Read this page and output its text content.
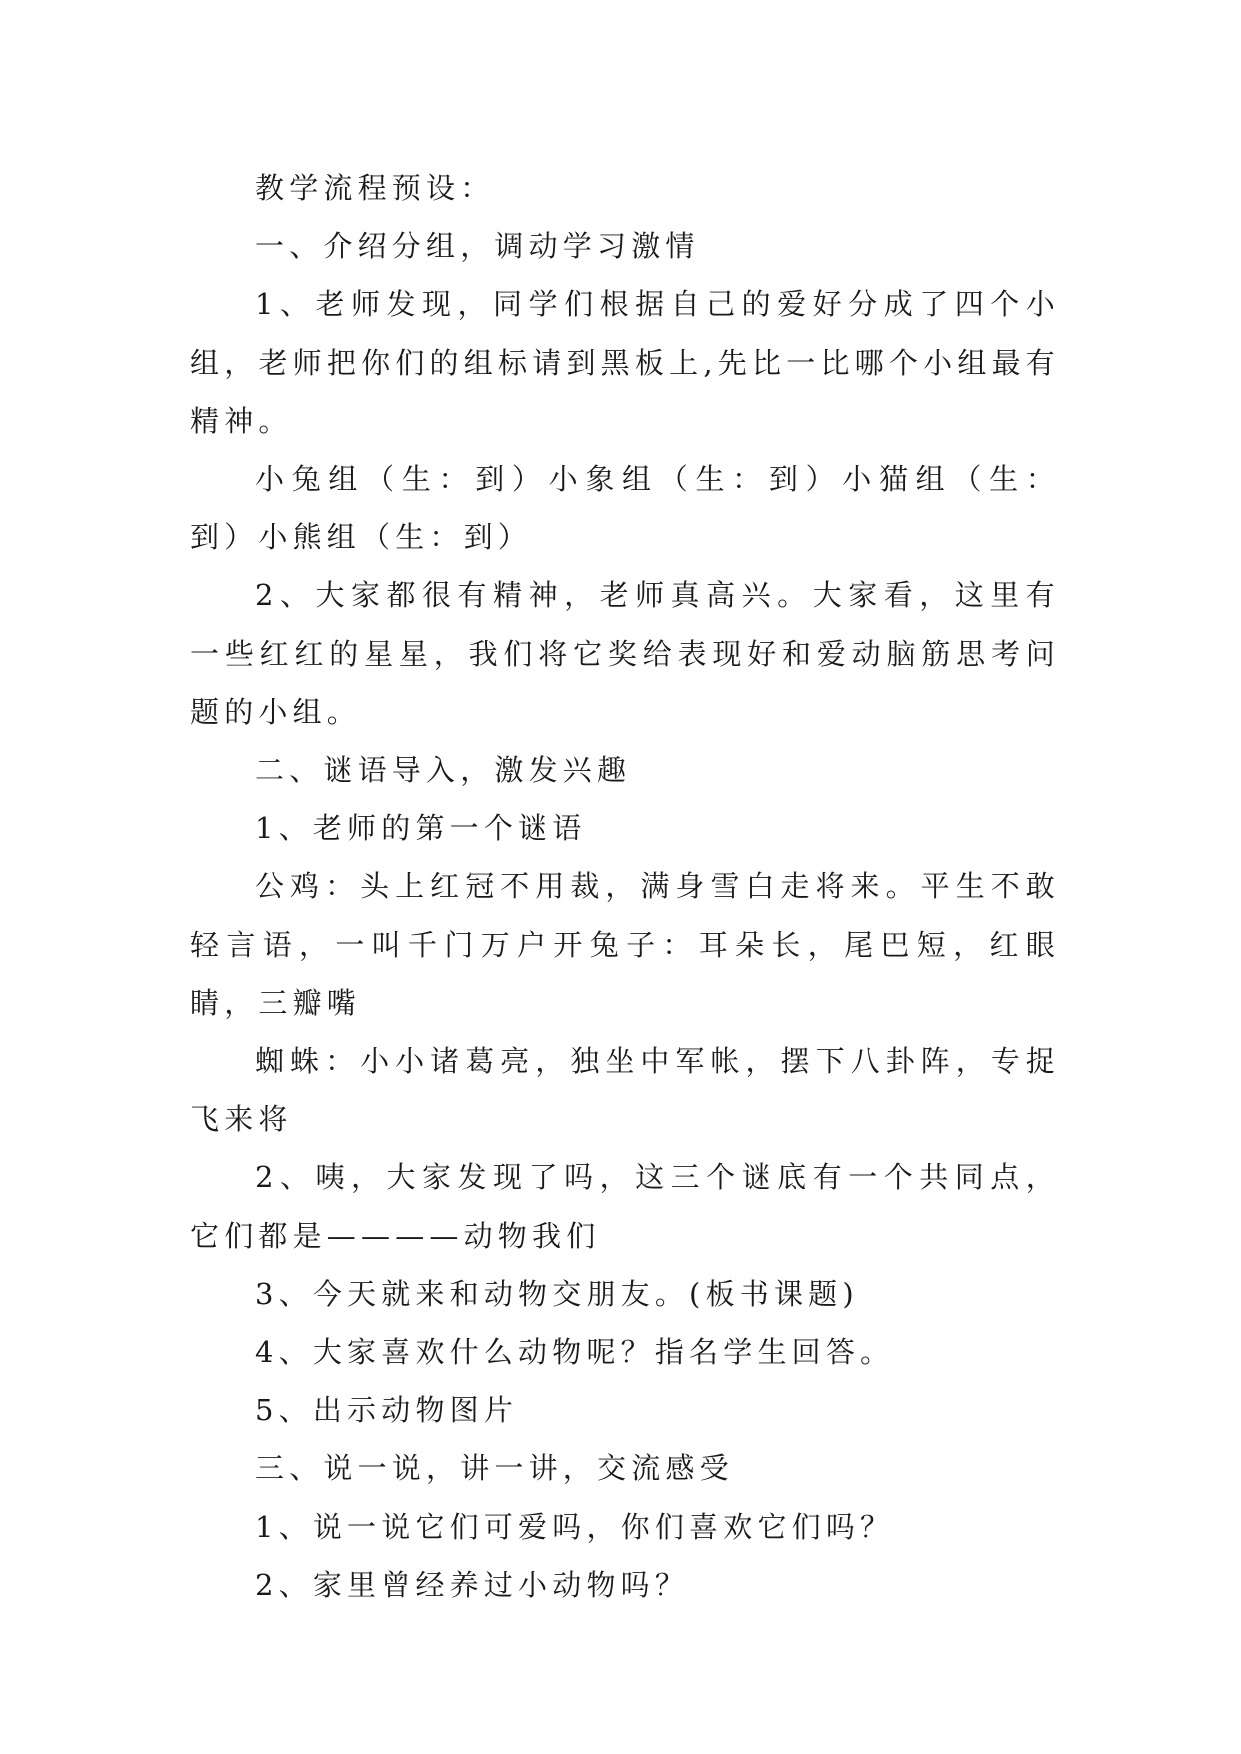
教学流程预设：

一、介绍分组，调动学习激情

1、老师发现，同学们根据自己的爱好分成了四个小组，老师把你们的组标请到黑板上,先比一比哪个小组最有精神。

小兔组（生：到）小象组（生：到）小猫组（生：到）小熊组（生：到）

2、大家都很有精神，老师真高兴。大家看，这里有一些红红的星星，我们将它奖给表现好和爱动脑筋思考问题的小组。

二、谜语导入，激发兴趣

1、老师的第一个谜语

公鸡：头上红冠不用裁，满身雪白走将来。平生不敢轻言语，一叫千门万户开兔子：耳朵长，尾巴短，红眼睛，三瓣嘴

蜘蛛：小小诸葛亮，独坐中军帐，摆下八卦阵，专捉飞来将

2、咦，大家发现了吗，这三个谜底有一个共同点，它们都是————动物我们

3、今天就来和动物交朋友。(板书课题)

4、大家喜欢什么动物呢？指名学生回答。

5、出示动物图片

三、说一说，讲一讲，交流感受

1、说一说它们可爱吗，你们喜欢它们吗？

2、家里曾经养过小动物吗？
